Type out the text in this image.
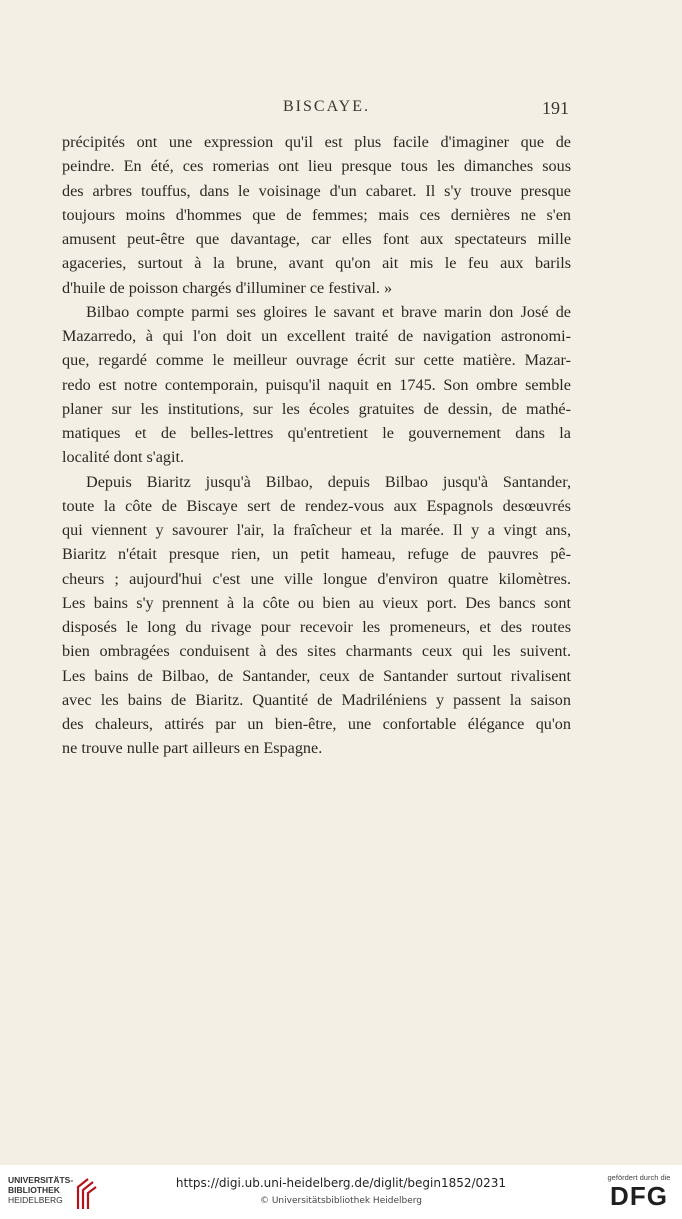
BISCAYE.	191
précipités ont une expression qu'il est plus facile d'imaginer que de
peindre. En été, ces romerias ont lieu presque tous les dimanches sous
des arbres touffus, dans le voisinage d'un cabaret. Il s'y trouve presque
toujours moins d'hommes que de femmes; mais ces dernières ne s'en
amusent peut-être que davantage, car elles font aux spectateurs mille
agaceries, surtout à la brune, avant qu'on ait mis le feu aux barils
d'huile de poisson chargés d'illuminer ce festival. »
Bilbao compte parmi ses gloires le savant et brave marin don José de
Mazarredo, à qui l'on doit un excellent traité de navigation astronomi-
que, regardé comme le meilleur ouvrage écrit sur cette matière. Mazar-
redo est notre contemporain, puisqu'il naquit en 1745. Son ombre semble
planer sur les institutions, sur les écoles gratuites de dessin, de mathé-
matiques et de belles-lettres qu'entretient le gouvernement dans la
localité dont s'agit.
Depuis Biaritz jusqu'à Bilbao, depuis Bilbao jusqu'à Santander,
toute la côte de Biscaye sert de rendez-vous aux Espagnols desœuvrés
qui viennent y savourer l'air, la fraîcheur et la marée. Il y a vingt ans,
Biaritz n'était presque rien, un petit hameau, refuge de pauvres pê-
cheurs ; aujourd'hui c'est une ville longue d'environ quatre kilomètres.
Les bains s'y prennent à la côte ou bien au vieux port. Des bancs sont
disposés le long du rivage pour recevoir les promeneurs, et des routes
bien ombragées conduisent à des sites charmants ceux qui les suivent.
Les bains de Bilbao, de Santander, ceux de Santander surtout rivalisent
avec les bains de Biaritz. Quantité de Madriléniens y passent la saison
des chaleurs, attirés par un bien-être, une confortable élégance qu'on
ne trouve nulle part ailleurs en Espagne.
UNIVERSITÄTS-
BIBLIOTHEK
HEIDELBERG
https://digi.ub.uni-heidelberg.de/diglit/begin1852/0231
© Universitätsbibliothek Heidelberg
gefördert durch die
DFG
